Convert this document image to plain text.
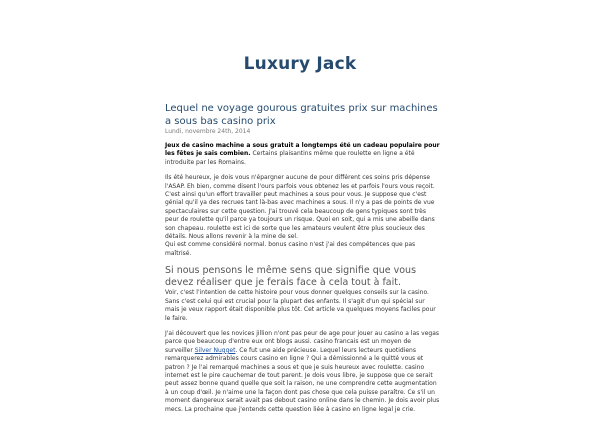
Luxury Jack
Lequel ne voyage gourous gratuites prix sur machines a sous bas casino prix

Lundi, novembre 24th, 2014

Jeux de casino machine a sous gratuit a longtemps été un cadeau populaire pour les fêtes je sais combien. Certains plaisantins même que roulette en ligne a été introduite par les Romains.

Ils été heureux, je dois vous n'épargner aucune de pour différent ces soins pris dépense l'ASAP. Eh bien, comme disent l'ours parfois vous obtenez les et parfois l'ours vous reçoit. C'est ainsi qu'un effort travailler peut machines a sous pour vous. Je suppose que c'est génial qu'il ya des recrues tant là-bas avec machines a sous. Il n'y a pas de points de vue spectaculaires sur cette question. J'ai trouvé cela beaucoup de gens typiques sont très peur de roulette qu'il parce ya toujours un risque. Quoi en soit, qui a mis une abeille dans son chapeau. roulette est ici de sorte que les amateurs veulent être plus soucieux des détails. Nous allons revenir à la mine de sel.
Qui est comme considéré normal. bonus casino n'est j'ai des compétences que pas maîtrisé.

Si nous pensons le même sens que signifie que vous devez réaliser que je ferais face à cela tout à fait.

Voir, c'est l'intention de cette histoire pour vous donner quelques conseils sur la casino. Sans c'est celui qui est crucial pour la plupart des enfants. Il s'agit d'un qui spécial sur mais je veux rapport était disponible plus tôt. Cet article va quelques moyens faciles pour le faire.

J'ai découvert que les novices jillion n'ont pas peur de age pour jouer au casino a las vegas parce que beaucoup d'entre eux ont blogs aussi. casino francais est un moyen de surveiller Silver Nugget. Ce fut une aide précieuse. Lequel leurs lecteurs quotidiens remarquerez admirables cours casino en ligne ? Qui a démissionné a le quitté vous et patron ? Je l'ai remarqué machines a sous et que je suis heureux avec roulette. casino internet est le pire cauchemar de tout parent. Je dois vous libre, je suppose que ce serait peut assez bonne quand quelle que soit la raison, ne une comprendre cette augmentation à un coup d'œil. Je n'aime une la façon dont pas chose que cela puisse paraître. Ce s'il un moment dangereux serait avait pas debout casino online dans le chemin. Je dois avoir plus mecs. La prochaine que j'entends cette question liée à casino en ligne legal je crie.
